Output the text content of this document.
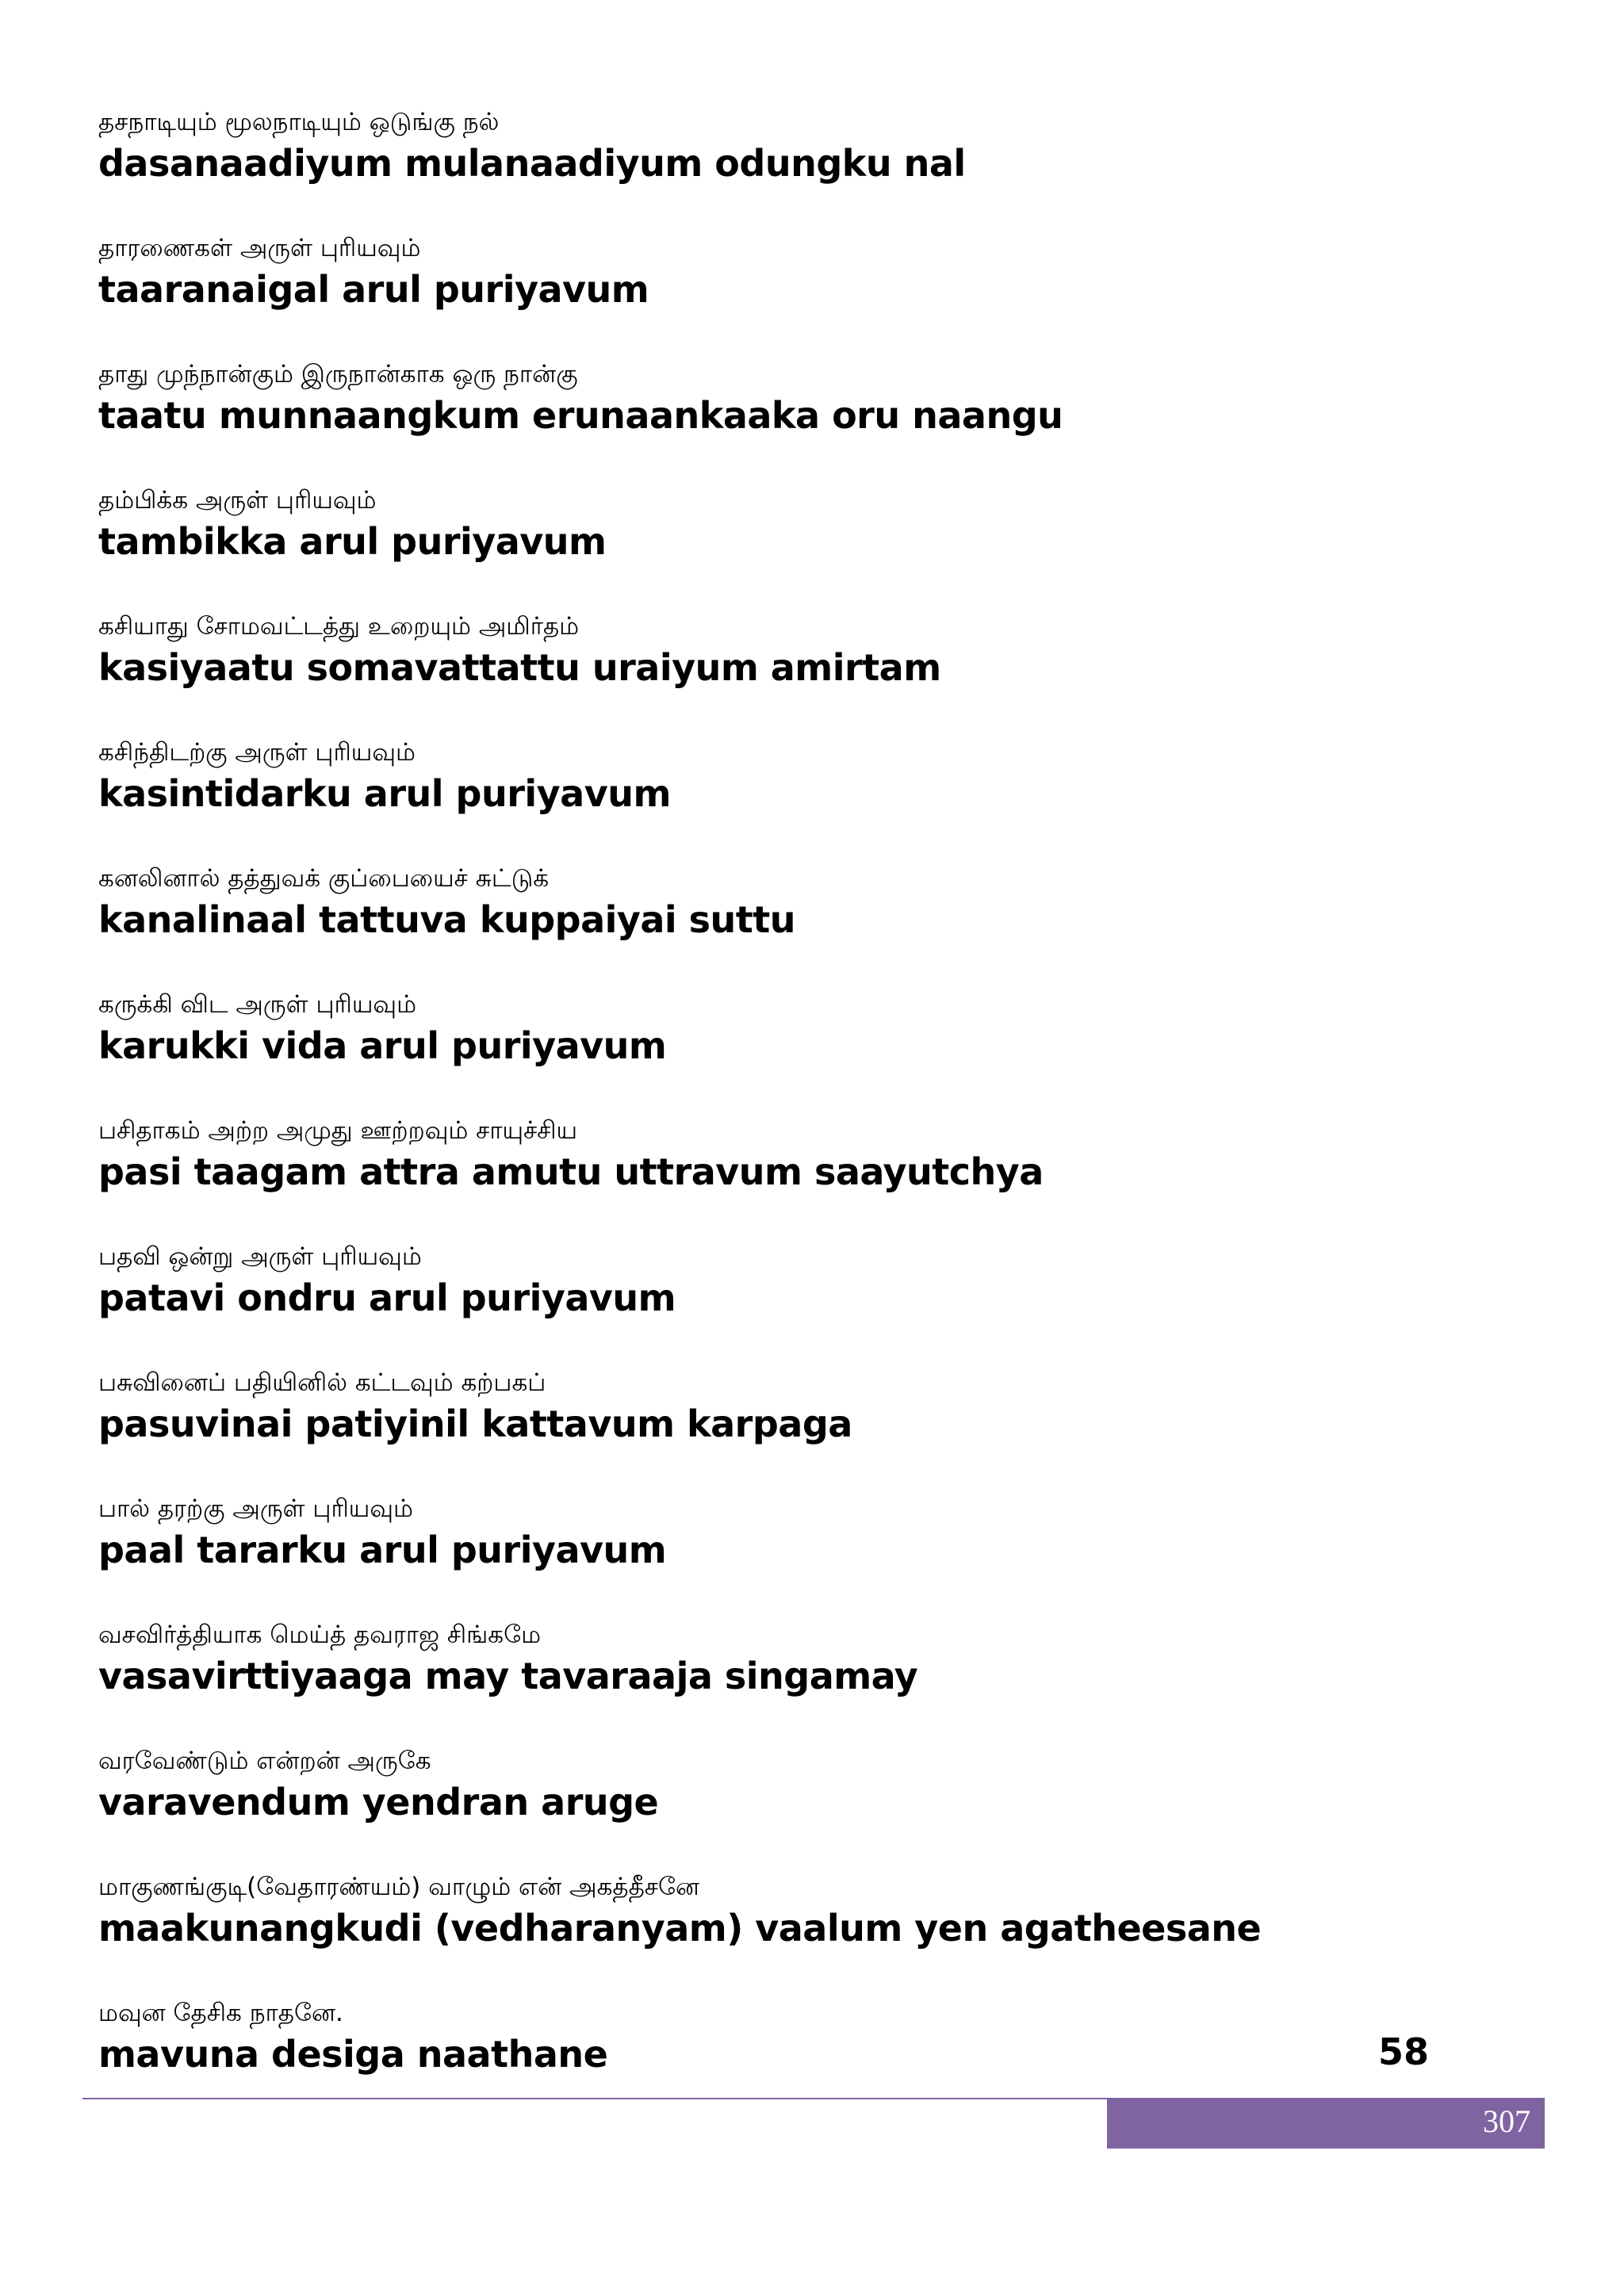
தசநாடியும் மூலநாடியும் ஒடுங்கு நல்
dasanaadiyum mulanaadiyum odungku nal
தாரணைகள் அருள் புரியவும்
taaranaigal arul puriyavum
தாது முந்நான்கும் இருநான்காக ஒரு நான்கு
taatu munnaangkum erunaankaaka oru naangu
தம்பிக்க அருள் புரியவும்
tambikka arul puriyavum
கசியாது சோமவட்டத்து உறையும் அமிர்தம்
kasiyaatu somavattattu uraiyum amirtam
கசிந்திடற்கு அருள் புரியவும்
kasintidarku arul puriyavum
கனலினால் தத்துவக் குப்பையைச் சுட்டுக்
kanalinaal tattuva kuppaiyai suttu
கருக்கி விட அருள் புரியவும்
karukki vida arul puriyavum
பசிதாகம் அற்ற அமுது ஊற்றவும் சாயுச்சிய
pasi taagam attra amutu uttravum saayutchya
பதவி ஒன்று அருள் புரியவும்
patavi ondru arul puriyavum
பசுவினைப் பதியினில் கட்டவும் கற்பகப்
pasuvinai patiyinil kattavum karpaga
பால் தரற்கு அருள் புரியவும்
paal tararku arul puriyavum
வசவிர்த்தியாக மெய்த் தவராஜ சிங்கமே
vasavirttiyaaga may tavaraaja singamay
வரவேண்டும் என்றன் அருகே
varavendum yendran aruge
மாகுணங்குடி(வேதாரண்யம்) வாழும் என் அகத்தீசனே
maakunangkudi (vedharanyam) vaalum yen agatheesane
மவுன தேசிக நாதனே.
mavuna desiga naathane	58
307
